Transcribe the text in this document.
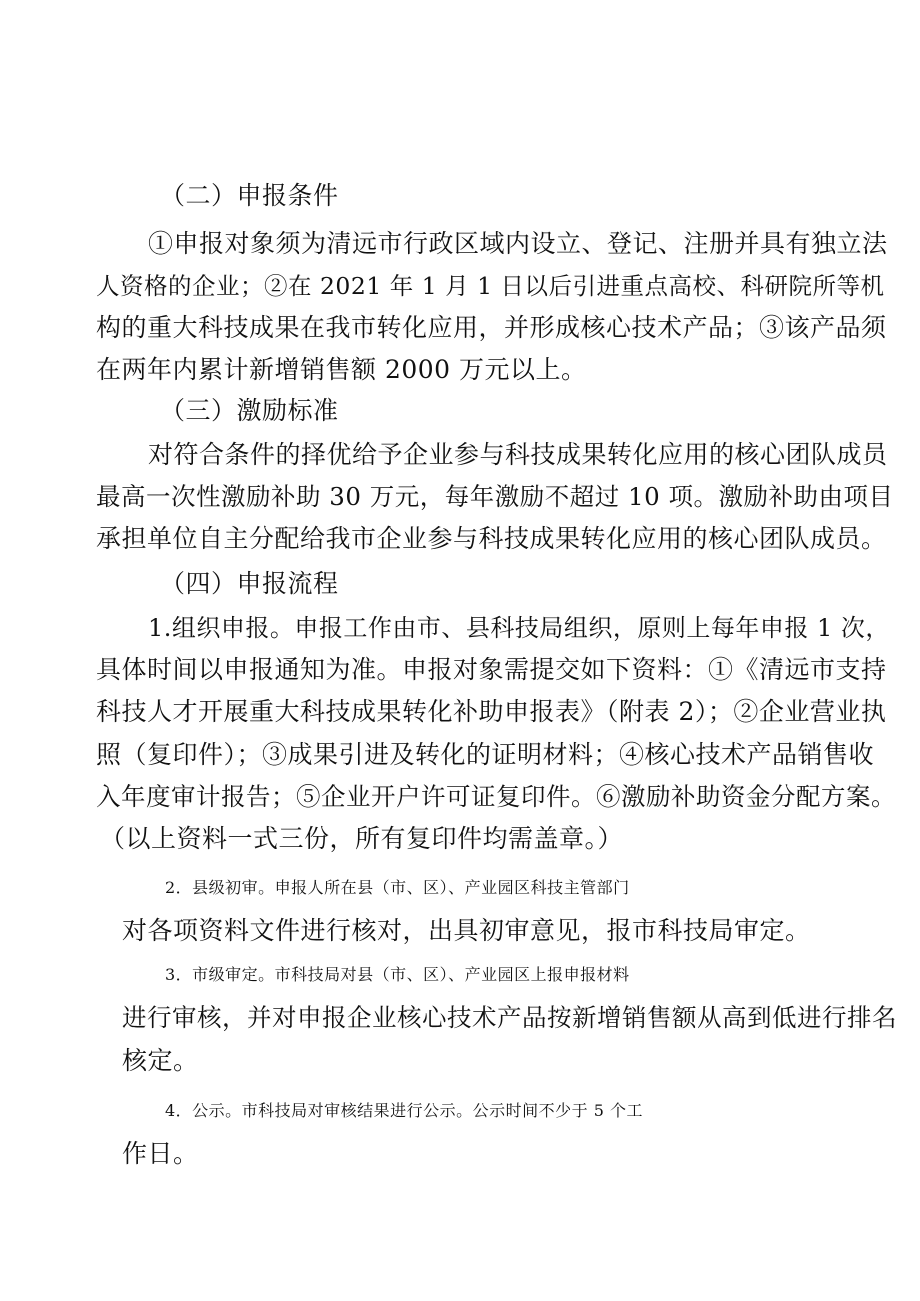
（二）申报条件
①申报对象须为清远市行政区域内设立、登记、注册并具有独立法
人资格的企业；②在 2021 年 1 月 1 日以后引进重点高校、科研院所等机
构的重大科技成果在我市转化应用，并形成核心技术产品；③该产品须
在两年内累计新增销售额 2000 万元以上。
（三）激励标准
对符合条件的择优给予企业参与科技成果转化应用的核心团队成员
最高一次性激励补助 30 万元，每年激励不超过 10 项。激励补助由项目
承担单位自主分配给我市企业参与科技成果转化应用的核心团队成员。
（四）申报流程
1.组织申报。申报工作由市、县科技局组织，原则上每年申报 1 次，
具体时间以申报通知为准。申报对象需提交如下资料：①《清远市支持
科技人才开展重大科技成果转化补助申报表》（附表 2）；②企业营业执
照（复印件）；③成果引进及转化的证明材料；④核心技术产品销售收
入年度审计报告；⑤企业开户许可证复印件。⑥激励补助资金分配方案。
（以上资料一式三份，所有复印件均需盖章。）
2．县级初审。申报人所在县（市、区）、产业园区科技主管部门
对各项资料文件进行核对，出具初审意见，报市科技局审定。
3．市级审定。市科技局对县（市、区）、产业园区上报申报材料
进行审核，并对申报企业核心技术产品按新增销售额从高到低进行排名
核定。
4．公示。市科技局对审核结果进行公示。公示时间不少于 5 个工
作日。
